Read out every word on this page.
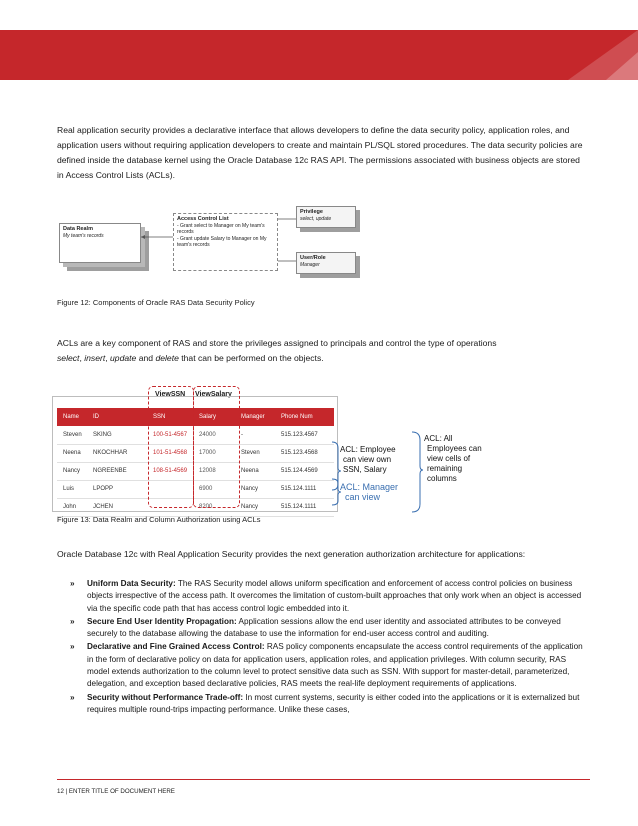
Real application security provides a declarative interface that allows developers to define the data security policy, application roles, and application users without requiring application developers to create and maintain PL/SQL stored procedures. The data security policies are defined inside the database kernel using the Oracle Database 12c RAS API. The permissions associated with business objects are stored in Access Control Lists (ACLs).

Data Realm
My team's records
Access Control List
- Grant select to Manager on My team's records
- Grant update Salary to Manager on My team's records
Privilege
select, update
User/Role
Manager
Figure 12: Components of Oracle RAS Data Security Policy

ACLs are a key component of RAS and store the privileges assigned to principals and control the type of operations
select, insert, update and delete that can be performed on the objects.

ViewSSN ViewSalary
Name	ID	SSN	Salary	Manager	Phone Num
Steven	SKING	100-51-4567	24000	-	515.123.4567
Neena	NKOCHHAR	101-51-4568	17000	Steven	515.123.4568
Nancy	NGREENBE	108-51-4569	12008	Neena	515.124.4569
Luis	LPOPP		6900	Nancy	515.124.1111
John	JCHEN		8200	Nancy	515.124.1111
ACL: Employee
can view own
SSN, Salary
ACL: Manager
can view
ACL: All
Employees can
view cells of
remaining
columns
Figure 13: Data Realm and Column Authorization using ACLs

Oracle Database 12c with Real Application Security provides the next generation authorization architecture for applications:

» Uniform Data Security: The RAS Security model allows uniform specification and enforcement of access control policies on business objects irrespective of the access path. It overcomes the limitation of custom-built approaches that only work when an object is accessed via the specific code path that has access control logic embedded into it.
» Secure End User Identity Propagation: Application sessions allow the end user identity and associated attributes to be conveyed securely to the database allowing the database to use the information for end-user access control and auditing.
» Declarative and Fine Grained Access Control: RAS policy components encapsulate the access control requirements of the application in the form of declarative policy on data for application users, application roles, and application privileges. With column security, RAS model extends authorization to the column level to protect sensitive data such as SSN. With support for master-detail, parameterized, delegation, and exception based declarative policies, RAS meets the real-life deployment requirements of applications.
» Security without Performance Trade-off: In most current systems, security is either coded into the applications or it is externalized but requires multiple round-trips impacting performance. Unlike these cases,
12 | ENTER TITLE OF DOCUMENT HERE
